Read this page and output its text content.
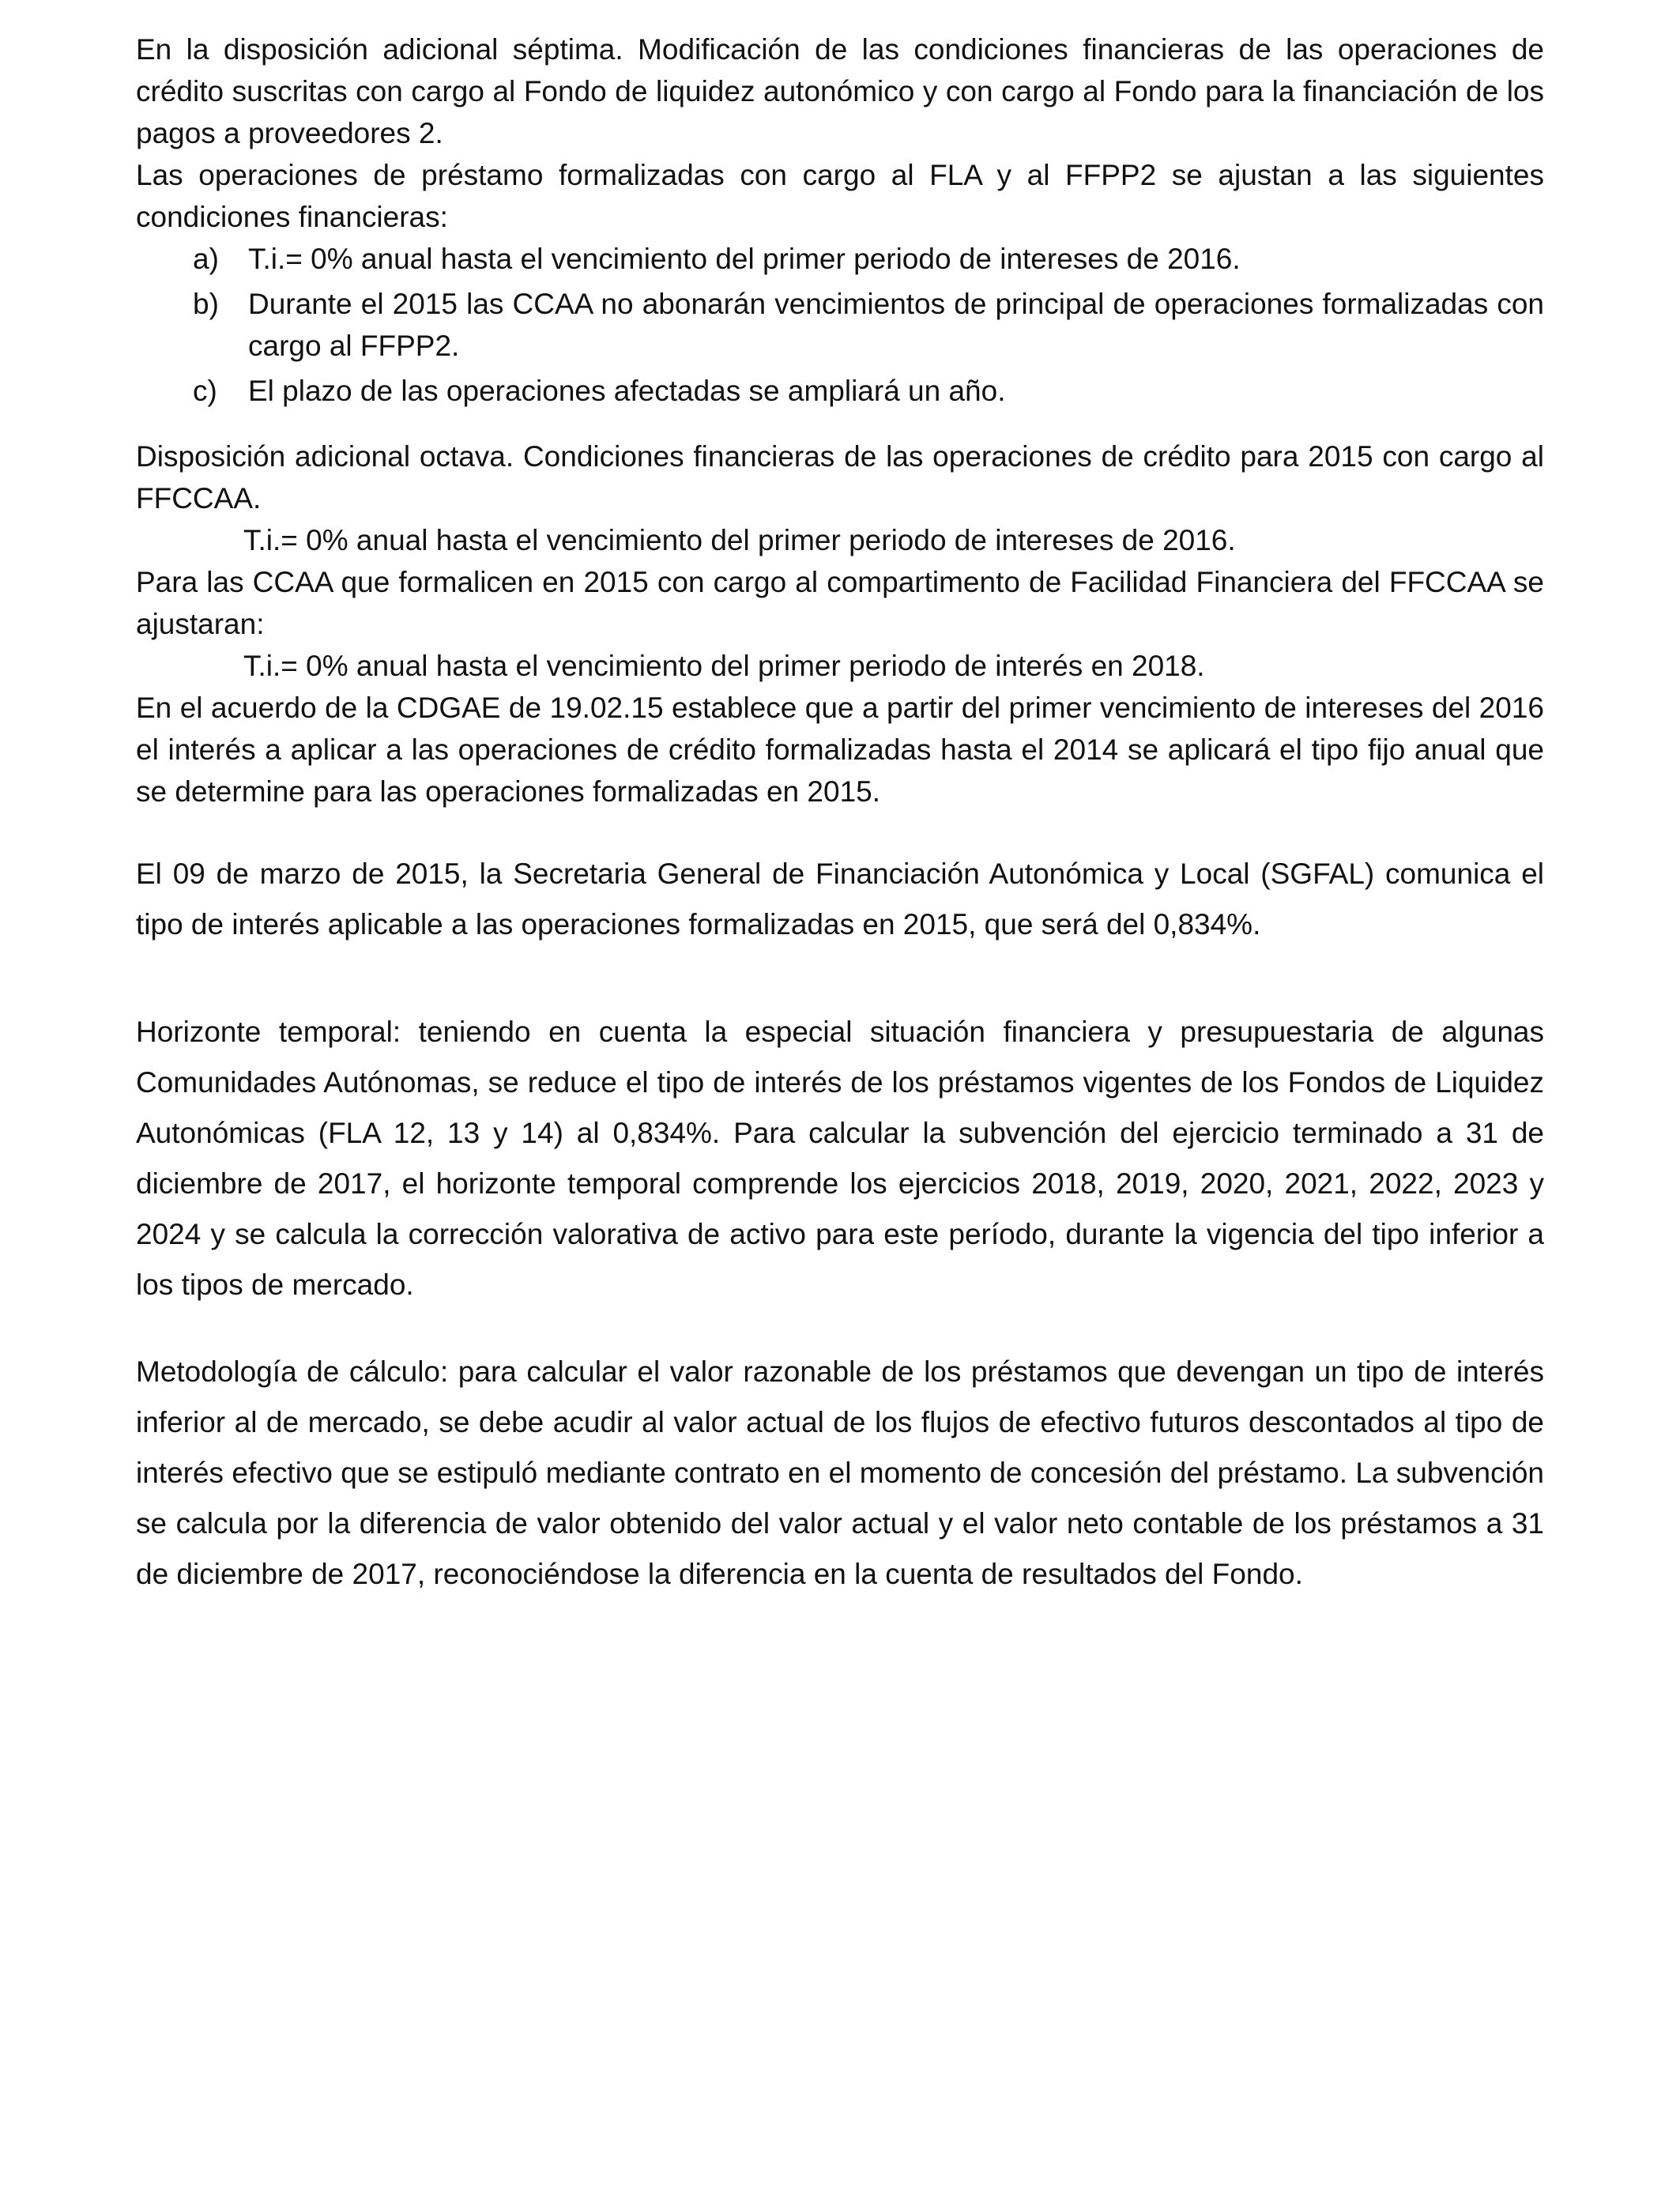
En la disposición adicional séptima. Modificación de las condiciones financieras de las operaciones de crédito suscritas con cargo al Fondo de liquidez autonómico y con cargo al Fondo para la financiación de los pagos a proveedores 2.

Las operaciones de préstamo formalizadas con cargo al FLA y al FFPP2 se ajustan a las siguientes condiciones financieras:

a)	T.i.= 0% anual hasta el vencimiento del primer periodo de intereses de 2016.
b)	Durante el 2015 las CCAA no abonarán vencimientos de principal de operaciones formalizadas con cargo al FFPP2.
c)	El plazo de las operaciones afectadas se ampliará un año.

Disposición adicional octava. Condiciones financieras de las operaciones de crédito para 2015 con cargo al FFCCAA.

T.i.= 0% anual hasta el vencimiento del primer periodo de intereses de 2016.

Para las CCAA que formalicen en 2015 con cargo al compartimento de Facilidad Financiera del FFCCAA se ajustaran:

T.i.= 0% anual hasta el vencimiento del primer periodo de interés en 2018.

En el acuerdo de la CDGAE de 19.02.15 establece que a partir del primer vencimiento de intereses del 2016 el interés a aplicar a las operaciones de crédito formalizadas hasta el 2014 se aplicará el tipo fijo anual que se determine para las operaciones formalizadas en 2015.

El 09 de marzo de 2015, la Secretaria General de Financiación Autonómica y Local (SGFAL) comunica el tipo de interés aplicable a las operaciones formalizadas en 2015, que será del 0,834%.

Horizonte temporal: teniendo en cuenta la especial situación financiera y presupuestaria de algunas Comunidades Autónomas, se reduce el tipo de interés de los préstamos vigentes de los Fondos de Liquidez Autonómicas (FLA 12, 13 y 14) al 0,834%. Para calcular la subvención del ejercicio terminado a 31 de diciembre de 2017, el horizonte temporal comprende los ejercicios 2018, 2019, 2020, 2021, 2022, 2023 y 2024 y se calcula la corrección valorativa de activo para este período, durante la vigencia del tipo inferior a los tipos de mercado.

Metodología de cálculo: para calcular el valor razonable de los préstamos que devengan un tipo de interés inferior al de mercado, se debe acudir al valor actual de los flujos de efectivo futuros descontados al tipo de interés efectivo que se estipuló mediante contrato en el momento de concesión del préstamo. La subvención se calcula por la diferencia de valor obtenido del valor actual y el valor neto contable de los préstamos a 31 de diciembre de 2017, reconociéndose la diferencia en la cuenta de resultados del Fondo.
